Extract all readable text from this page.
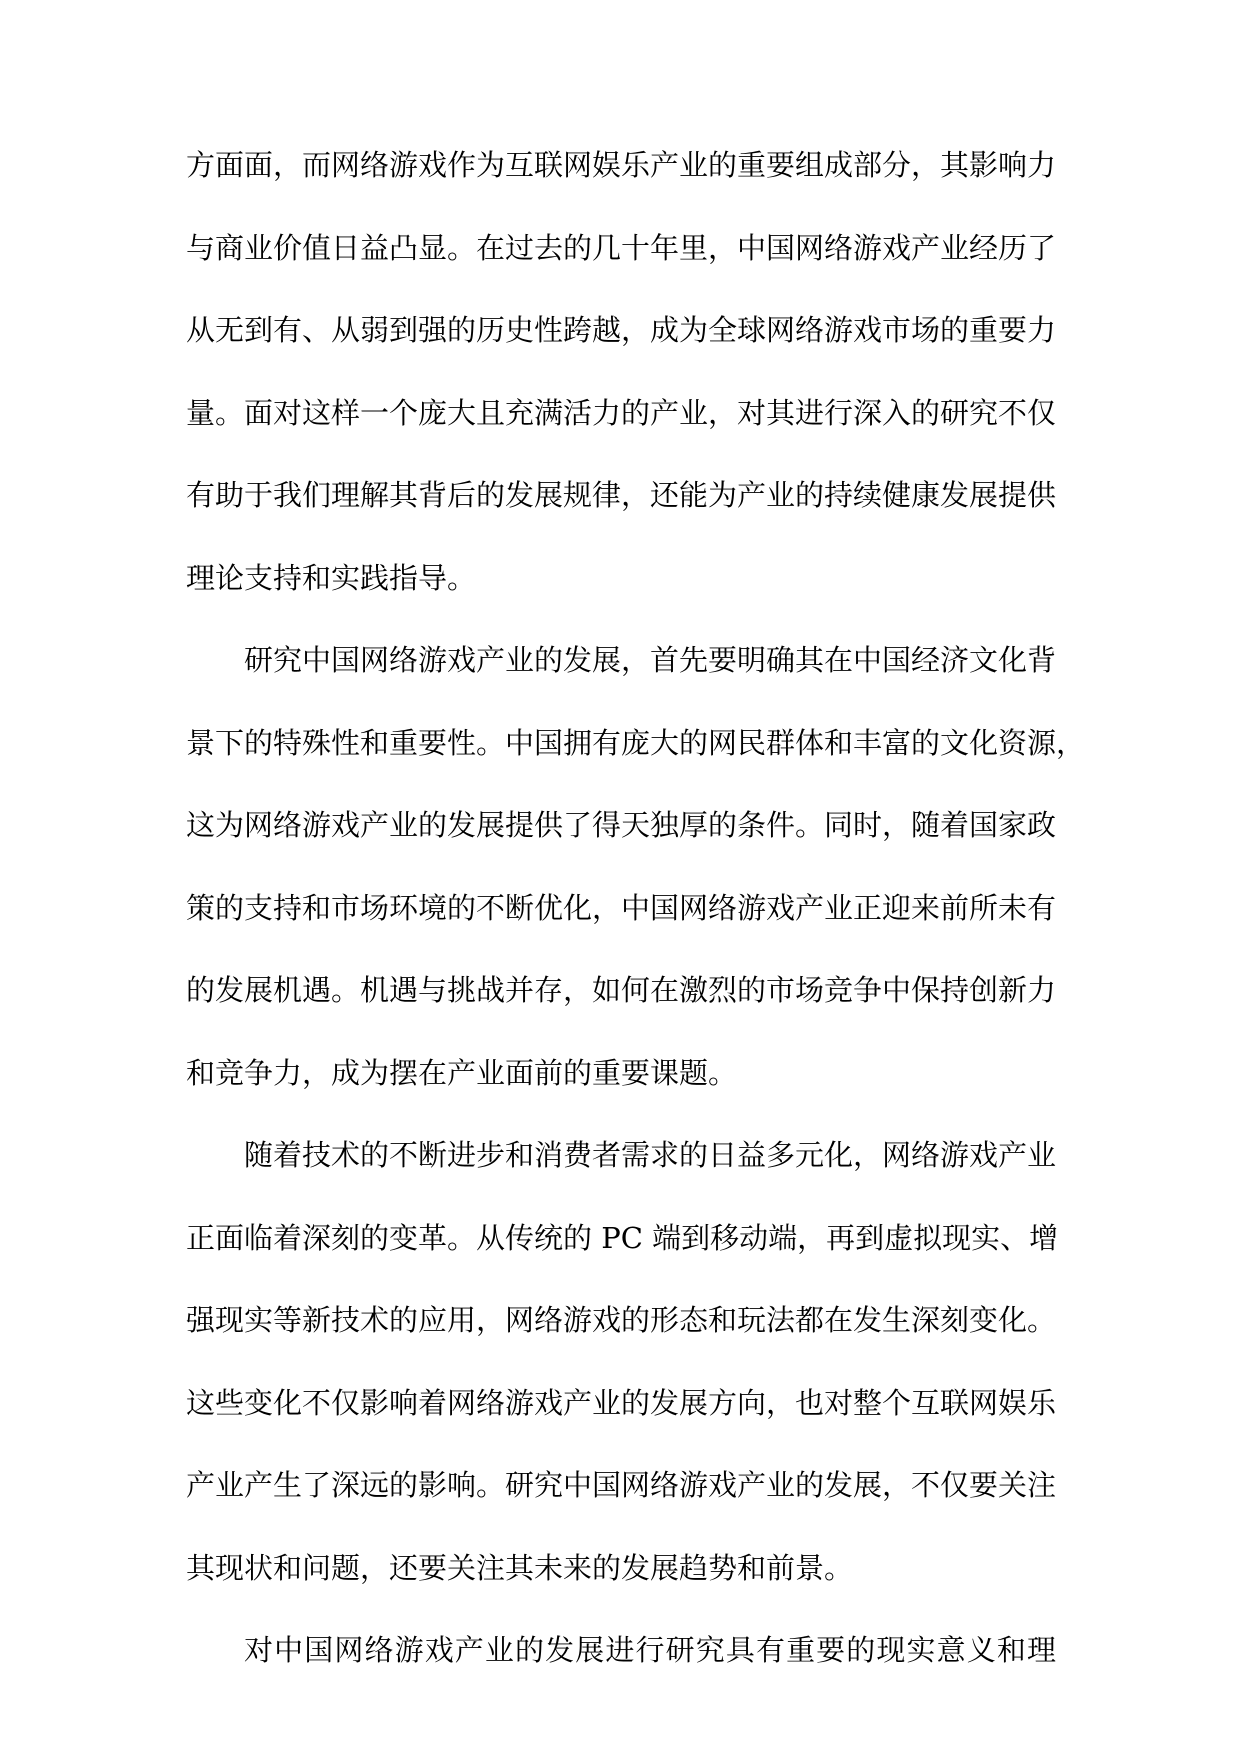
方面面，而网络游戏作为互联网娱乐产业的重要组成部分，其影响力
与商业价值日益凸显。在过去的几十年里，中国网络游戏产业经历了
从无到有、从弱到强的历史性跨越，成为全球网络游戏市场的重要力
量。面对这样一个庞大且充满活力的产业，对其进行深入的研究不仅
有助于我们理解其背后的发展规律，还能为产业的持续健康发展提供
理论支持和实践指导。
研究中国网络游戏产业的发展，首先要明确其在中国经济文化背
景下的特殊性和重要性。中国拥有庞大的网民群体和丰富的文化资源，
这为网络游戏产业的发展提供了得天独厚的条件。同时，随着国家政
策的支持和市场环境的不断优化，中国网络游戏产业正迎来前所未有
的发展机遇。机遇与挑战并存，如何在激烈的市场竞争中保持创新力
和竞争力，成为摆在产业面前的重要课题。
随着技术的不断进步和消费者需求的日益多元化，网络游戏产业
正面临着深刻的变革。从传统的 PC 端到移动端，再到虚拟现实、增
强现实等新技术的应用，网络游戏的形态和玩法都在发生深刻变化。
这些变化不仅影响着网络游戏产业的发展方向，也对整个互联网娱乐
产业产生了深远的影响。研究中国网络游戏产业的发展，不仅要关注
其现状和问题，还要关注其未来的发展趋势和前景。
对中国网络游戏产业的发展进行研究具有重要的现实意义和理
